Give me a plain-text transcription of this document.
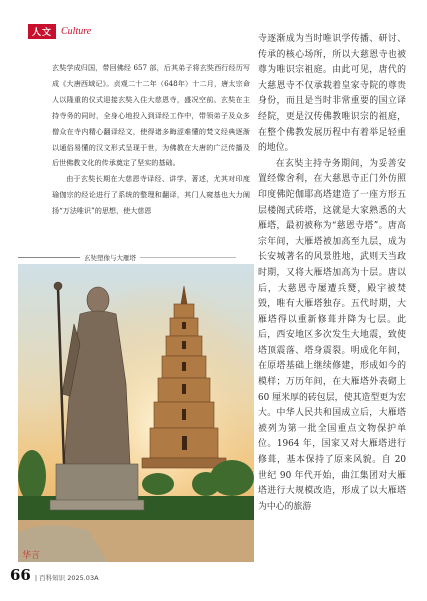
人文 Culture

玄奘学成归国，带回佛经 657 部，后其弟子将玄奘西行经历写成《大唐西域记》。贞观二十二年（648年）十二月，唐太宗命人以隆重的仪式迎接玄奘入住大慈恩寺，盛况空前。玄奘在主持寺务的同时，全身心地投入到译经工作中，带领弟子及众多僧众在寺内精心翻译经文，使得诸多晦涩难懂的梵文经典逐渐以通俗易懂的汉文形式呈现于世，为佛教在大唐的广泛传播及后世佛教文化的传承奠定了坚实的基础。

由于玄奘长期在大慈恩寺译经、讲学、著述，尤其对印度瑜伽宗的经论进行了系统的整理和翻译，其门人窥基也大力阐扬“万法唯识”的思想，使大慈恩

玄奘塑像与大雁塔
华言

寺逐渐成为当时唯识学传播、研讨、传承的核心场所，所以大慈恩寺也被尊为唯识宗祖庭。由此可见，唐代的大慈恩寺不仅承载着皇家寺院的尊贵身份，而且是当时非常重要的国立译经院，更是汉传佛教唯识宗的祖庭，在整个佛教发展历程中有着举足轻重的地位。

在玄奘主持寺务期间，为妥善安置经像舍利，在大慈恩寺正门外仿照印度佛陀伽耶高塔建造了一座方形五层楼阁式砖塔，这就是大家熟悉的大雁塔，最初被称为“慈恩寺塔”。唐高宗年间，大雁塔被加高至九层，成为长安城著名的风景胜地，武则天当政时期，又将大雁塔加高为十层。唐以后，大慈恩寺屡遭兵燹，殿宇被焚毁，唯有大雁塔独存。五代时期，大雁塔得以重新修葺并降为七层。此后，西安地区多次发生大地震，致使塔顶震落、塔身震裂。明成化年间，在原塔基础上继续修建，形成如今的模样；万历年间，在大雁塔外表砌上 60 厘米厚的砖包层，使其造型更为宏大。中华人民共和国成立后，大雁塔被列为第一批全国重点文物保护单位。1964 年，国家又对大雁塔进行修葺，基本保持了原来风貌。自 20 世纪 90 年代开始，曲江集团对大雁塔进行大规模改造，形成了以大雁塔为中心的旅游

66 | 百科知识 2025.03A
